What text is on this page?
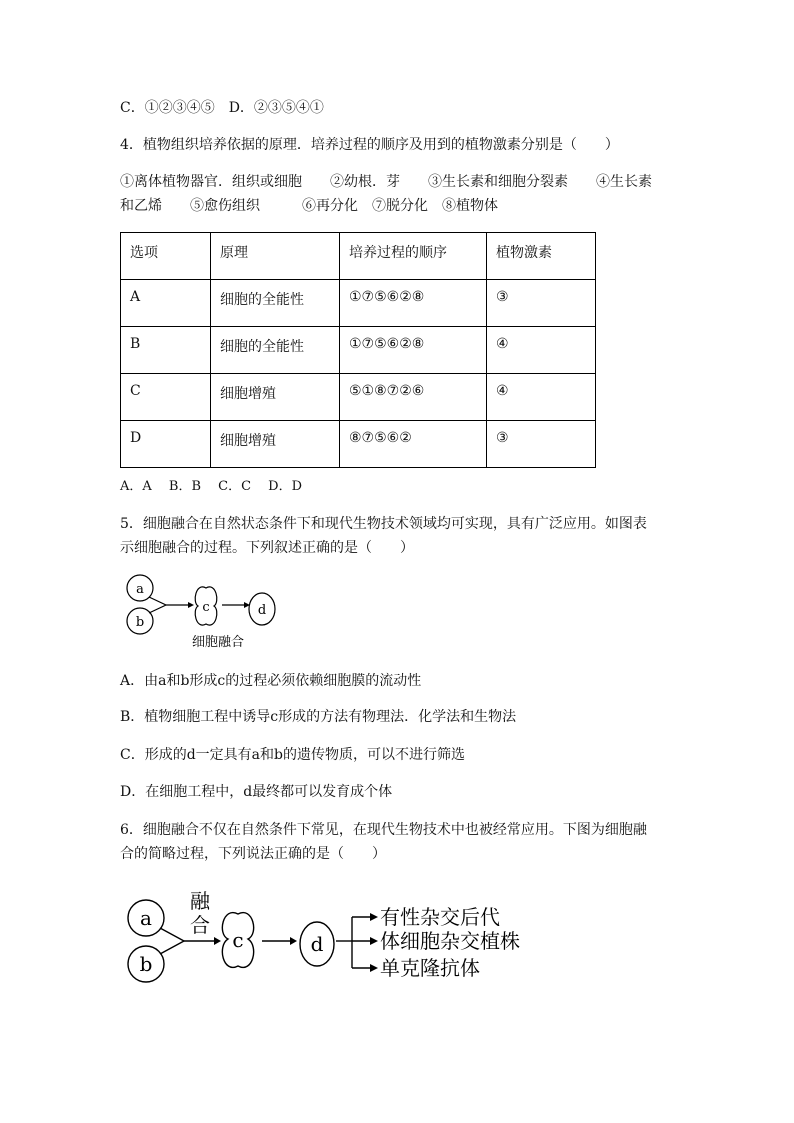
C．①②③④⑤　D．②③⑤④①
4．植物组织培养依据的原理．培养过程的顺序及用到的植物激素分别是（　　）
①离体植物器官．组织或细胞　　②幼根．芽　　③生长素和细胞分裂素　　④生长素
和乙烯　　⑤愈伤组织　　　⑥再分化　⑦脱分化　⑧植物体
选项	原理	培养过程的顺序	植物激素
A	细胞的全能性	①⑦⑤⑥②⑧	③
B	细胞的全能性	①⑦⑤⑥②⑧	④
C	细胞增殖	⑤①⑧⑦②⑥	④
D	细胞增殖	⑧⑦⑤⑥②	③
A．A　 B．B　 C．C　 D．D
5．细胞融合在自然状态条件下和现代生物技术领域均可实现，具有广泛应用。如图表
示细胞融合的过程。下列叙述正确的是（　　）
a
b
c	d
细胞融合
A．由a和b形成c的过程必须依赖细胞膜的流动性
B．植物细胞工程中诱导c形成的方法有物理法．化学法和生物法
C．形成的d一定具有a和b的遗传物质，可以不进行筛选
D．在细胞工程中，d最终都可以发育成个体
6．细胞融合不仅在自然条件下常见，在现代生物技术中也被经常应用。下图为细胞融
合的简略过程，下列说法正确的是（　　）
a
b
融
合
c	d
有性杂交后代
体细胞杂交植株
单克隆抗体
